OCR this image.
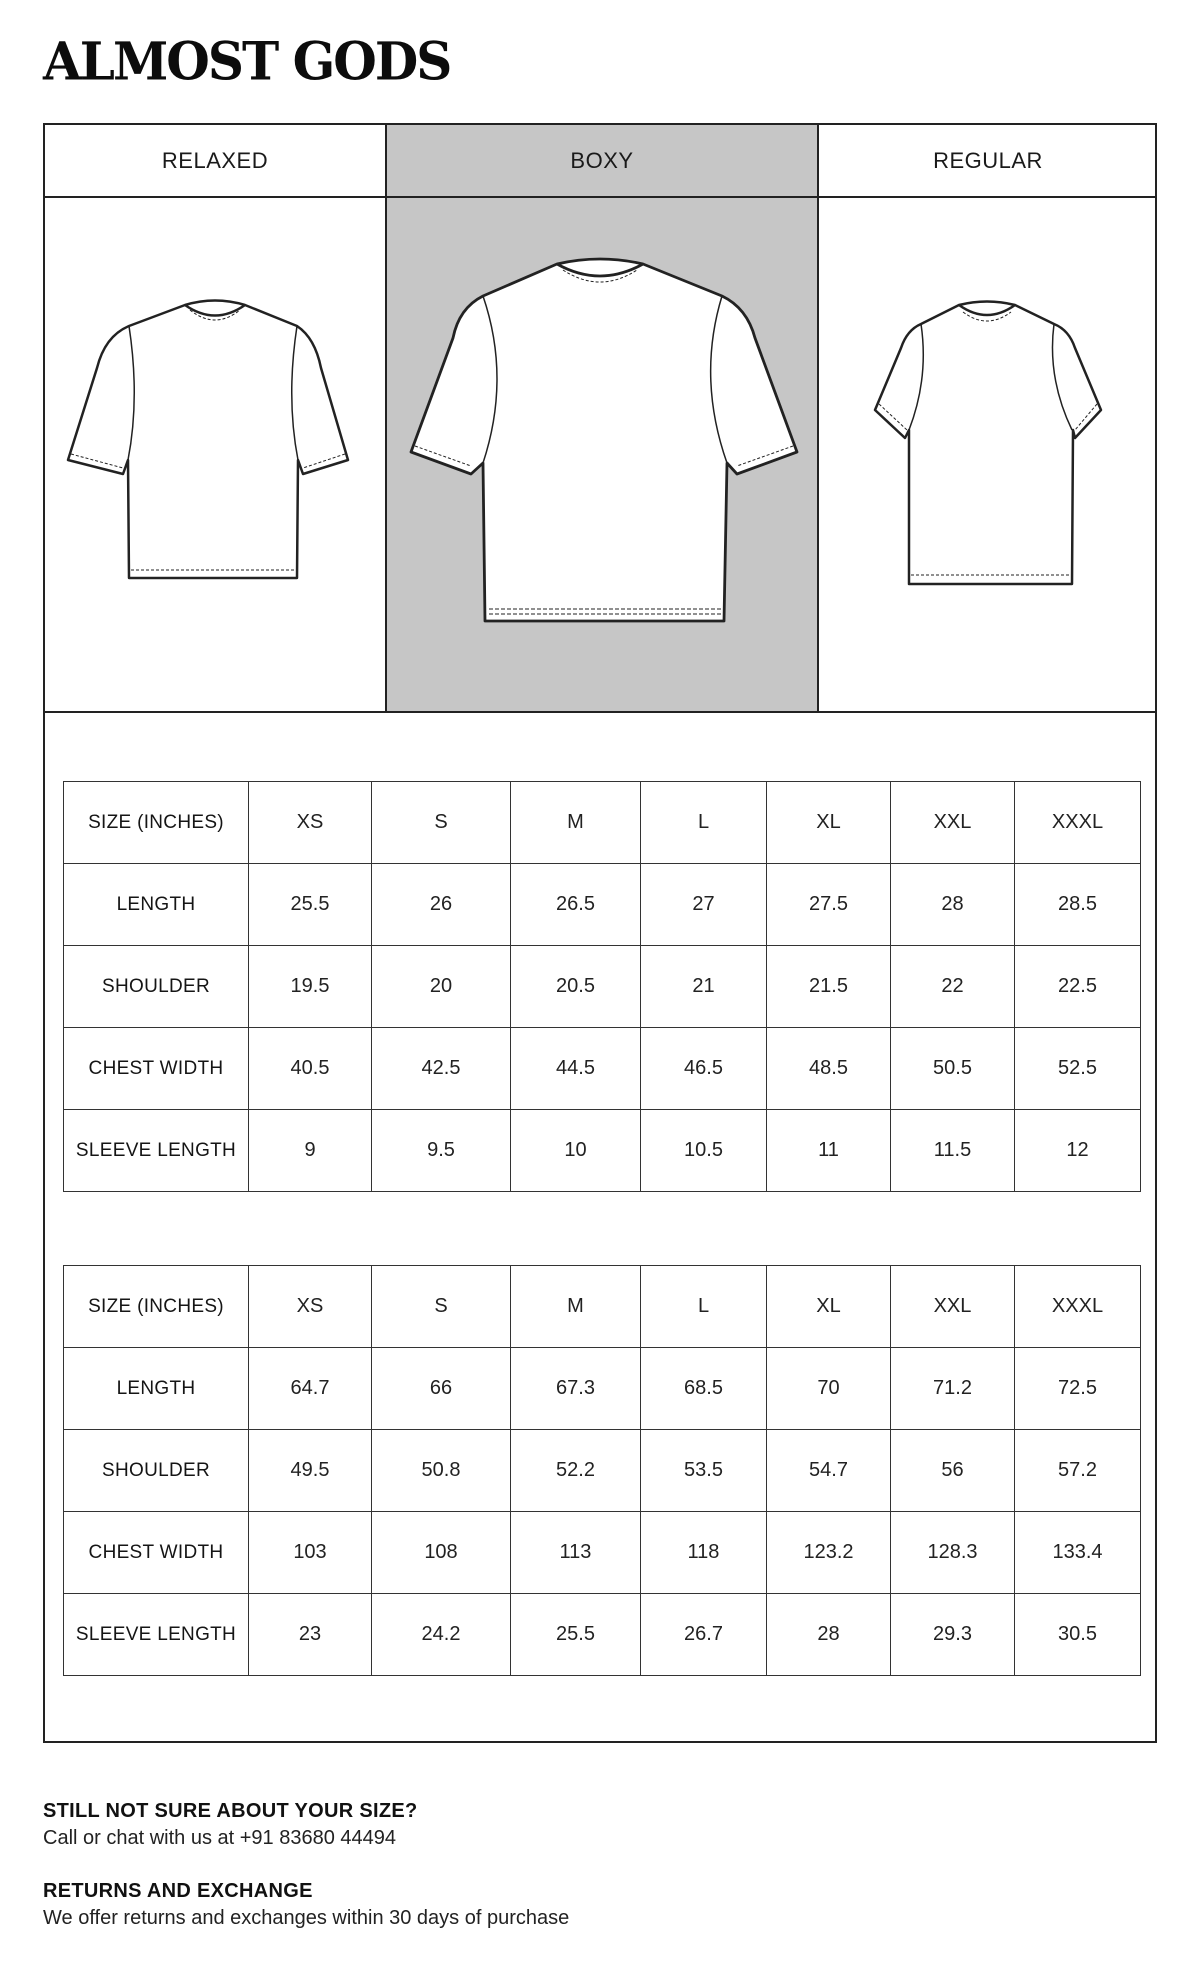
ALMOST GODS
RELAXED	BOXY	REGULAR
SIZE (INCHES)	XS	S	M	L	XL	XXL	XXXL
LENGTH	25.5	26	26.5	27	27.5	28	28.5
SHOULDER	19.5	20	20.5	21	21.5	22	22.5
CHEST WIDTH	40.5	42.5	44.5	46.5	48.5	50.5	52.5
SLEEVE LENGTH	9	9.5	10	10.5	11	11.5	12
SIZE (INCHES)	XS	S	M	L	XL	XXL	XXXL
LENGTH	64.7	66	67.3	68.5	70	71.2	72.5
SHOULDER	49.5	50.8	52.2	53.5	54.7	56	57.2
CHEST WIDTH	103	108	113	118	123.2	128.3	133.4
SLEEVE LENGTH	23	24.2	25.5	26.7	28	29.3	30.5

STILL NOT SURE ABOUT YOUR SIZE?

Call or chat with us at +91 83680 44494

RETURNS AND EXCHANGE

We offer returns and exchanges within 30 days of purchase
